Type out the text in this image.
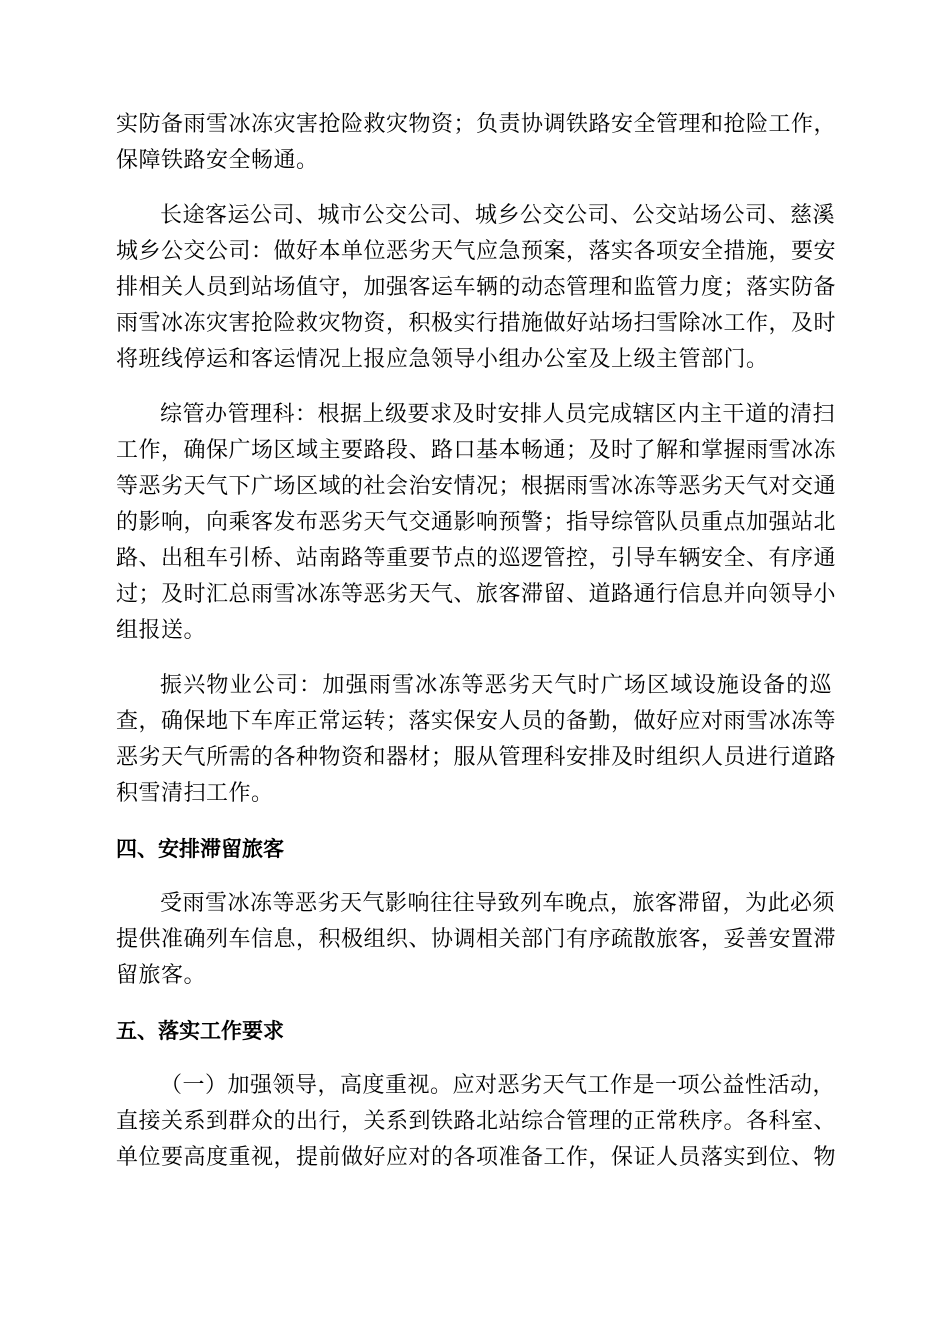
实防备雨雪冰冻灾害抢险救灾物资；负责协调铁路安全管理和抢险工作，
保障铁路安全畅通。
长途客运公司、城市公交公司、城乡公交公司、公交站场公司、慈溪
城乡公交公司：做好本单位恶劣天气应急预案，落实各项安全措施，要安
排相关人员到站场值守，加强客运车辆的动态管理和监管力度；落实防备
雨雪冰冻灾害抢险救灾物资，积极实行措施做好站场扫雪除冰工作，及时
将班线停运和客运情况上报应急领导小组办公室及上级主管部门。
综管办管理科：根据上级要求及时安排人员完成辖区内主干道的清扫
工作，确保广场区域主要路段、路口基本畅通；及时了解和掌握雨雪冰冻
等恶劣天气下广场区域的社会治安情况；根据雨雪冰冻等恶劣天气对交通
的影响，向乘客发布恶劣天气交通影响预警；指导综管队员重点加强站北
路、出租车引桥、站南路等重要节点的巡逻管控，引导车辆安全、有序通
过；及时汇总雨雪冰冻等恶劣天气、旅客滞留、道路通行信息并向领导小
组报送。
振兴物业公司：加强雨雪冰冻等恶劣天气时广场区域设施设备的巡
查，确保地下车库正常运转；落实保安人员的备勤，做好应对雨雪冰冻等
恶劣天气所需的各种物资和器材；服从管理科安排及时组织人员进行道路
积雪清扫工作。
四、安排滞留旅客
受雨雪冰冻等恶劣天气影响往往导致列车晚点，旅客滞留，为此必须
提供准确列车信息，积极组织、协调相关部门有序疏散旅客，妥善安置滞
留旅客。
五、落实工作要求
（一）加强领导，高度重视。应对恶劣天气工作是一项公益性活动，
直接关系到群众的出行，关系到铁路北站综合管理的正常秩序。各科室、
单位要高度重视，提前做好应对的各项准备工作，保证人员落实到位、物
